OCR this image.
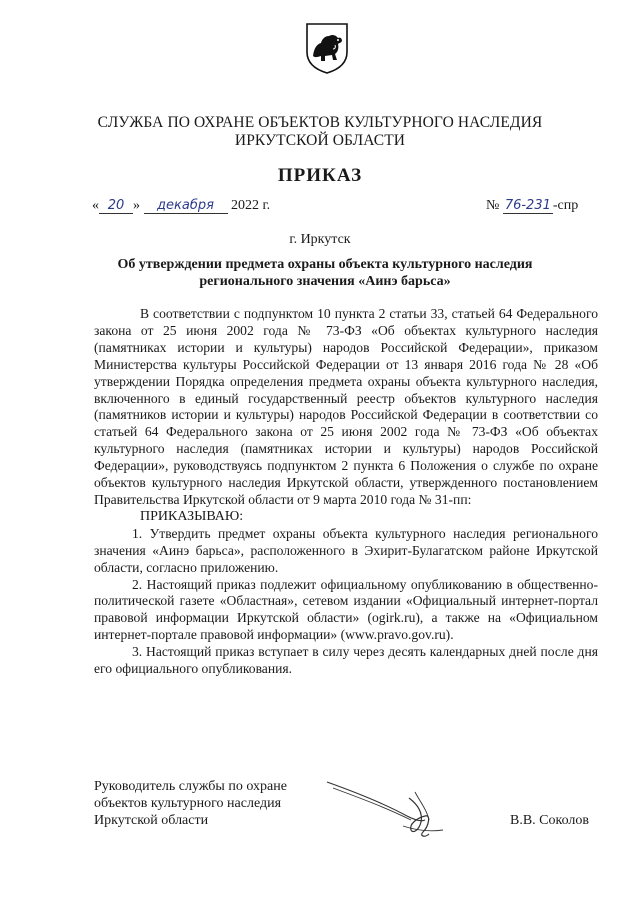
СЛУЖБА ПО ОХРАНЕ ОБЪЕКТОВ КУЛЬТУРНОГО НАСЛЕДИЯ
ИРКУТСКОЙ ОБЛАСТИ
ПРИКАЗ
« 20 » декабря 2022 г.	№ 76-231 -спр
г. Иркутск
Об утверждении предмета охраны объекта культурного наследия
регионального значения «Аинэ барьса»

В соответствии с подпунктом 10 пункта 2 статьи 33, статьей 64 Федерального закона от 25 июня 2002 года № 73-ФЗ «Об объектах культурного наследия (памятниках истории и культуры) народов Российской Федерации», приказом Министерства культуры Российской Федерации от 13 января 2016 года № 28 «Об утверждении Порядка определения предмета охраны объекта культурного наследия, включенного в единый государственный реестр объектов культурного наследия (памятников истории и культуры) народов Российской Федерации в соответствии со статьей 64 Федерального закона от 25 июня 2002 года № 73-ФЗ «Об объектах культурного наследия (памятниках истории и культуры) народов Российской Федерации», руководствуясь подпунктом 2 пункта 6 Положения о службе по охране объектов культурного наследия Иркутской области, утвержденного постановлением Правительства Иркутской области от 9 марта 2010 года № 31-пп:

ПРИКАЗЫВАЮ:

1. Утвердить предмет охраны объекта культурного наследия регионального значения «Аинэ барьса», расположенного в Эхирит-Булагатском районе Иркутской области, согласно приложению.

2. Настоящий приказ подлежит официальному опубликованию в общественно-политической газете «Областная», сетевом издании «Официальный интернет-портал правовой информации Иркутской области» (ogirk.ru), а также на «Официальном интернет-портале правовой информации» (www.pravo.gov.ru).

3. Настоящий приказ вступает в силу через десять календарных дней после дня его официального опубликования.

Руководитель службы по охране
объектов культурного наследия
Иркутской области	В.В. Соколов
